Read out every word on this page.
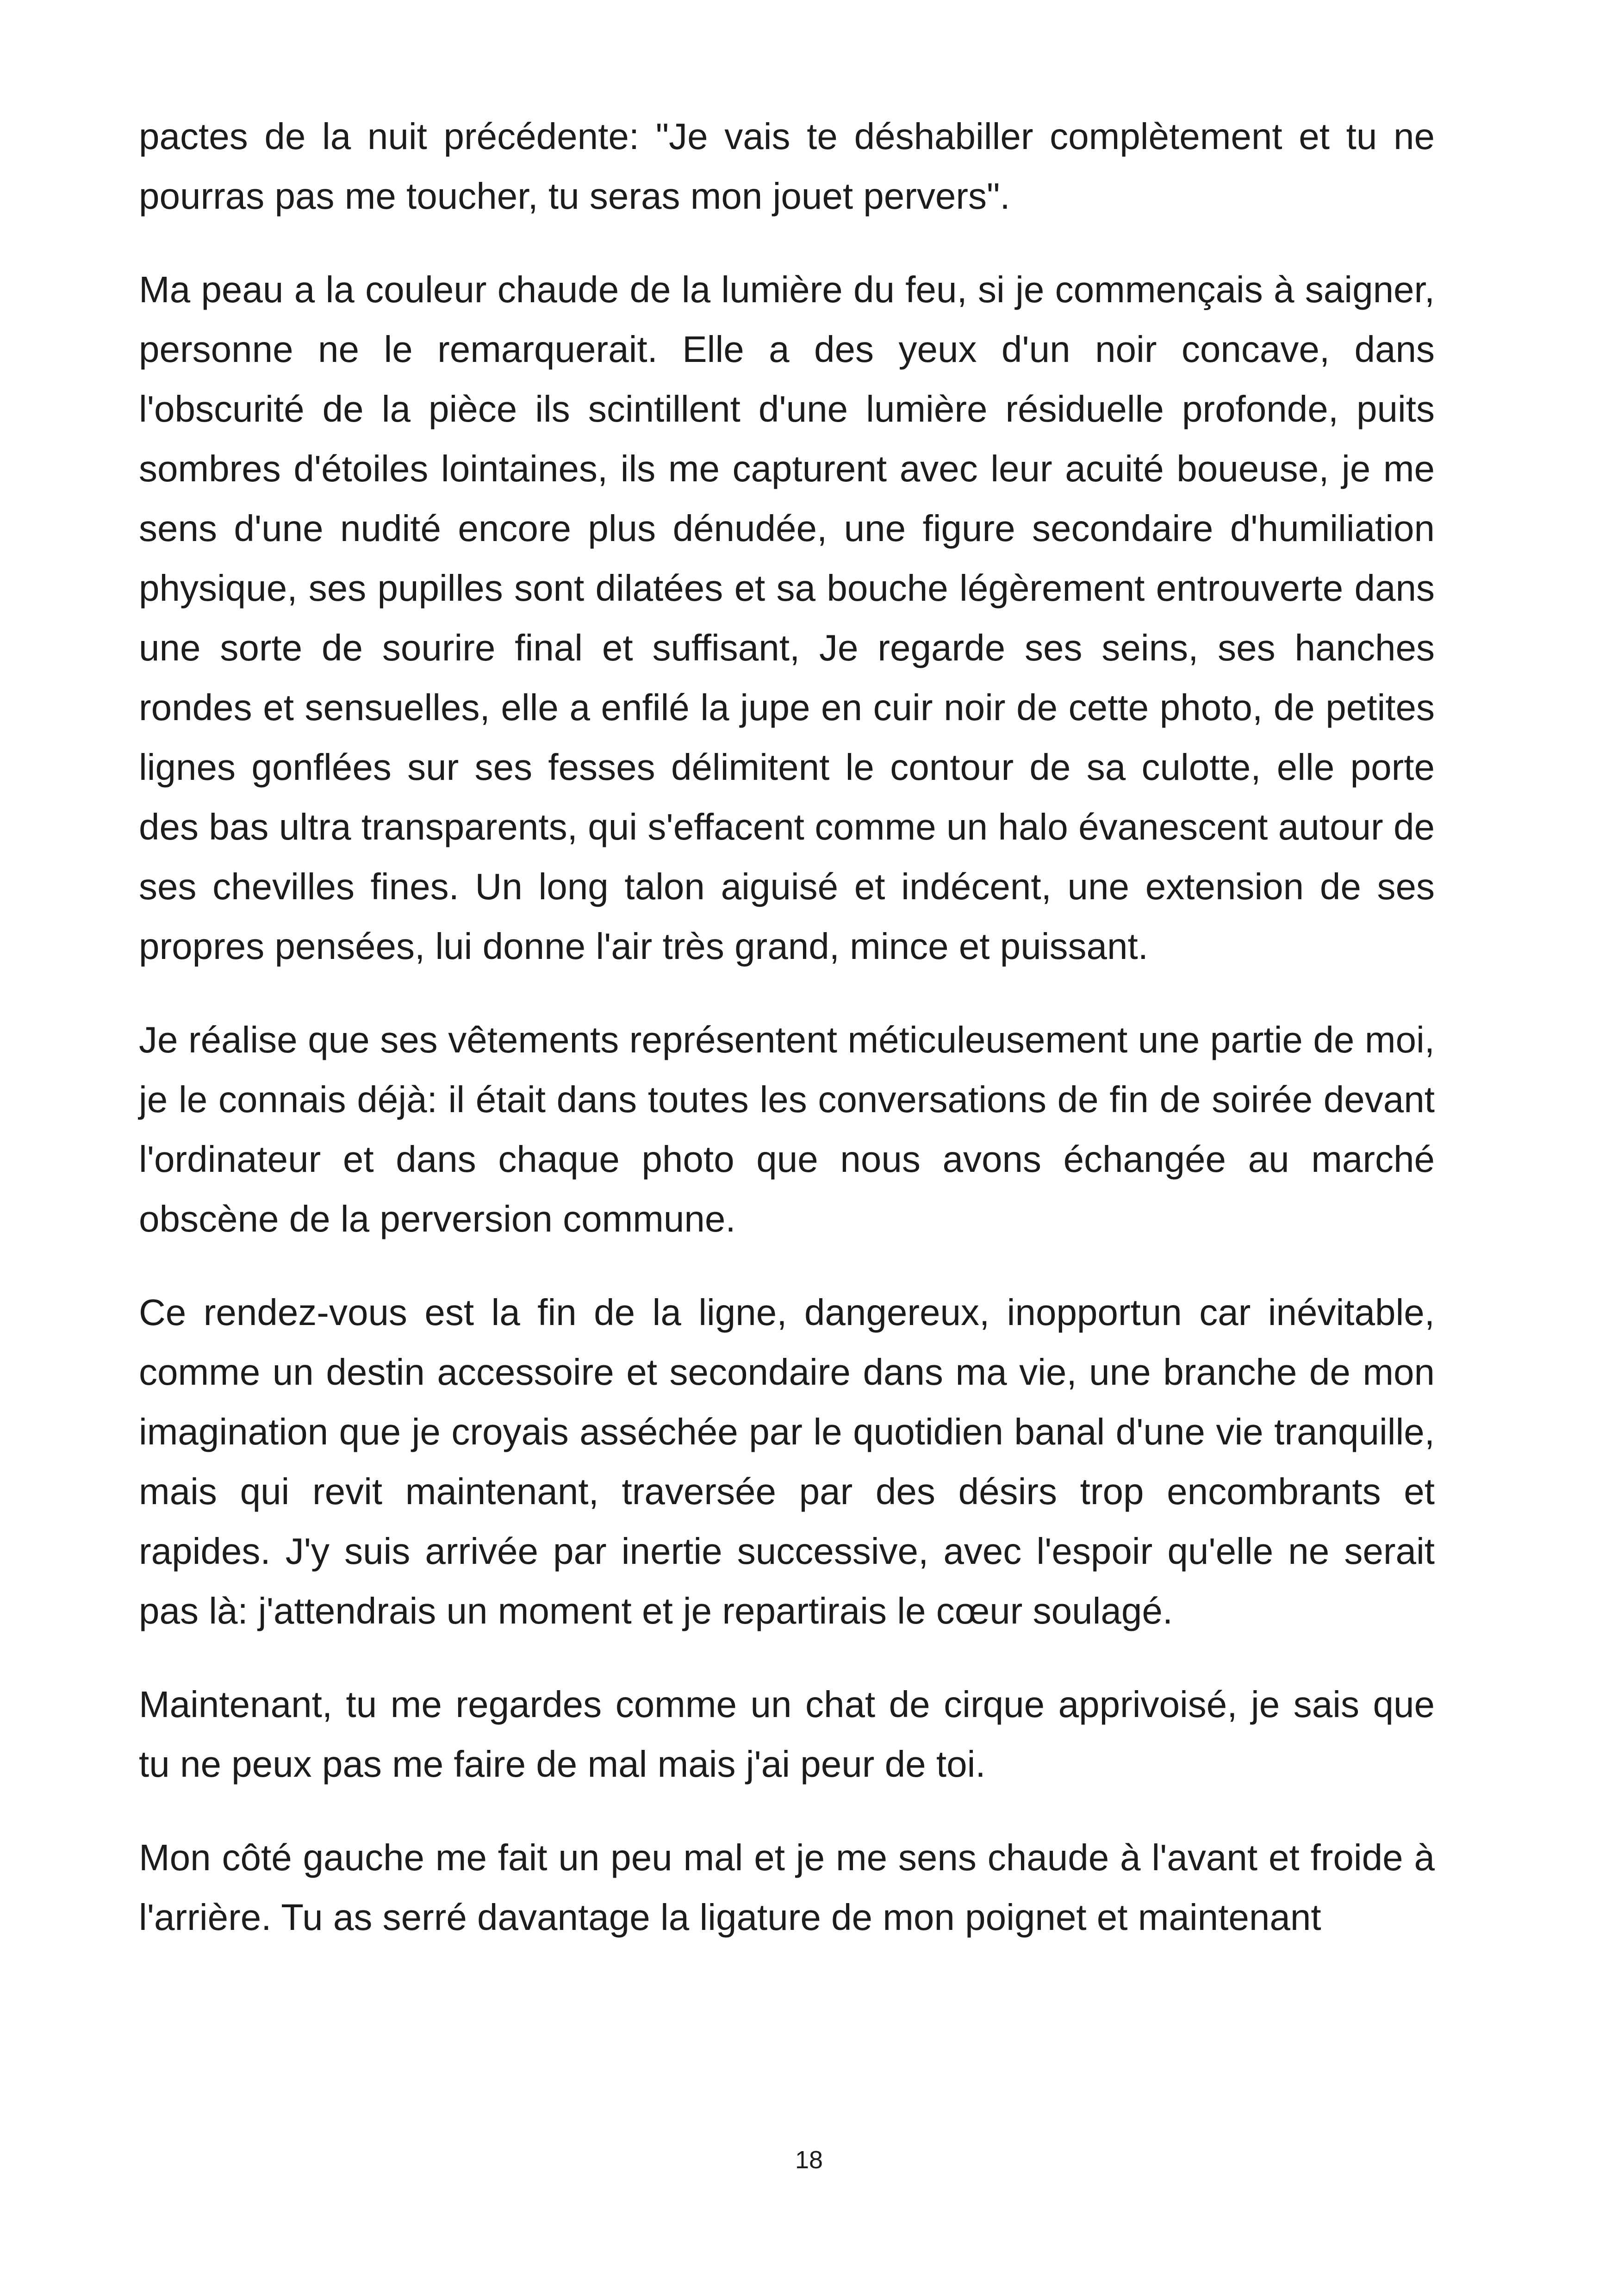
pactes de la nuit précédente: "Je vais te déshabiller complètement et tu ne pourras pas me toucher, tu seras mon jouet pervers".

Ma peau a la couleur chaude de la lumière du feu, si je commençais à saigner, personne ne le remarquerait. Elle a des yeux d'un noir concave, dans l'obscurité de la pièce ils scintillent d'une lumière résiduelle profonde, puits sombres d'étoiles lointaines, ils me capturent avec leur acuité boueuse, je me sens d'une nudité encore plus dénudée, une figure secondaire d'humiliation physique, ses pupilles sont dilatées et sa bouche légèrement entrouverte dans une sorte de sourire final et suffisant, Je regarde ses seins, ses hanches rondes et sensuelles, elle a enfilé la jupe en cuir noir de cette photo, de petites lignes gonflées sur ses fesses délimitent le contour de sa culotte, elle porte des bas ultra transparents, qui s'effacent comme un halo évanescent autour de ses chevilles fines. Un long talon aiguisé et indécent, une extension de ses propres pensées, lui donne l'air très grand, mince et puissant.

Je réalise que ses vêtements représentent méticuleusement une partie de moi, je le connais déjà: il était dans toutes les conversations de fin de soirée devant l'ordinateur et dans chaque photo que nous avons échangée au marché obscène de la perversion commune.

Ce rendez-vous est la fin de la ligne, dangereux, inopportun car inévitable, comme un destin accessoire et secondaire dans ma vie, une branche de mon imagination que je croyais asséchée par le quotidien banal d'une vie tranquille, mais qui revit maintenant, traversée par des désirs trop encombrants et rapides. J'y suis arrivée par inertie successive, avec l'espoir qu'elle ne serait pas là: j'attendrais un moment et je repartirais le cœur soulagé.

Maintenant, tu me regardes comme un chat de cirque apprivoisé, je sais que tu ne peux pas me faire de mal mais j'ai peur de toi.

Mon côté gauche me fait un peu mal et je me sens chaude à l'avant et froide à l'arrière. Tu as serré davantage la ligature de mon poignet et maintenant

18
